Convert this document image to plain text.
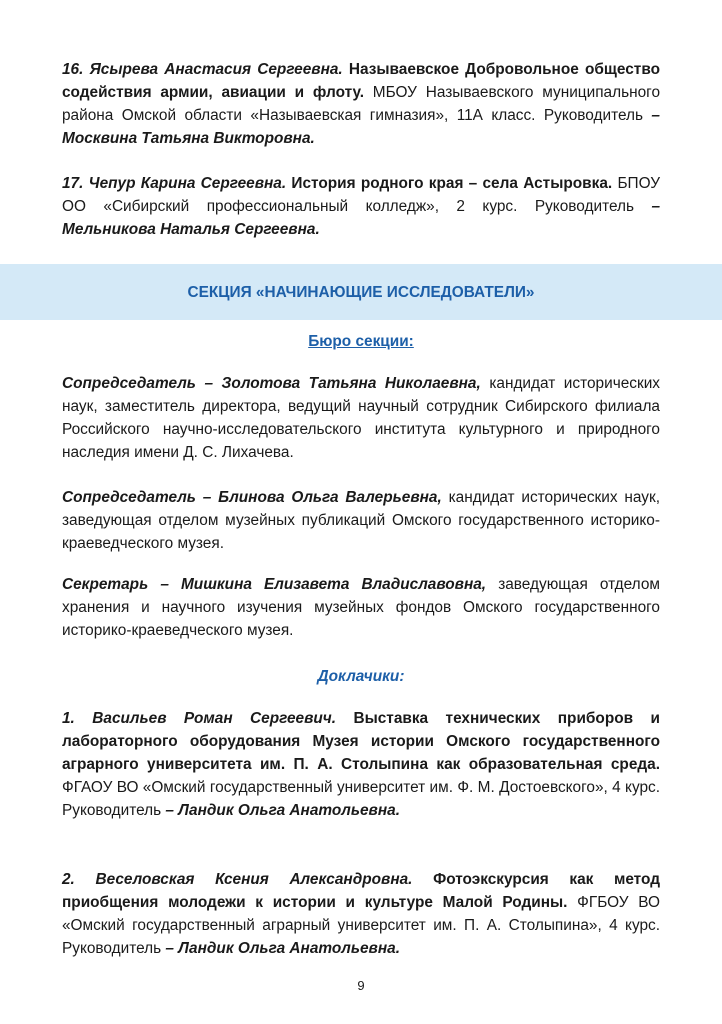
16. Ясырева Анастасия Сергеевна. Называевское Добровольное общество содействия армии, авиации и флоту. МБОУ Называевского муниципального района Омской области «Называевская гимназия», 11А класс. Руководитель – Москвина Татьяна Викторовна.

17. Чепур Карина Сергеевна. История родного края – села Астыровка. БПОУ ОО «Сибирский профессиональный колледж», 2 курс. Руководитель – Мельникова Наталья Сергеевна.

СЕКЦИЯ «НАЧИНАЮЩИЕ ИССЛЕДОВАТЕЛИ»
Бюро секции:

Сопредседатель – Золотова Татьяна Николаевна, кандидат исторических наук, заместитель директора, ведущий научный сотрудник Сибирского филиала Российского научно-исследовательского института культурного и природного наследия имени Д. С. Лихачева.

Сопредседатель – Блинова Ольга Валерьевна, кандидат исторических наук, заведующая отделом музейных публикаций Омского государственного историко-краеведческого музея.

Секретарь – Мишкина Елизавета Владиславовна, заведующая отделом хранения и научного изучения музейных фондов Омского государственного историко-краеведческого музея.

Доклачики:

1. Васильев Роман Сергеевич. Выставка технических приборов и лабораторного оборудования Музея истории Омского государственного аграрного университета им. П. А. Столыпина как образовательная среда. ФГАОУ ВО «Омский государственный университет им. Ф. М. Достоевского», 4 курс. Руководитель – Ландик Ольга Анатольевна.

2. Веселовская Ксения Александровна. Фотоэкскурсия как метод приобщения молодежи к истории и культуре Малой Родины. ФГБОУ ВО «Омский государственный аграрный университет им. П. А. Столыпина», 4 курс. Руководитель – Ландик Ольга Анатольевна.

9
